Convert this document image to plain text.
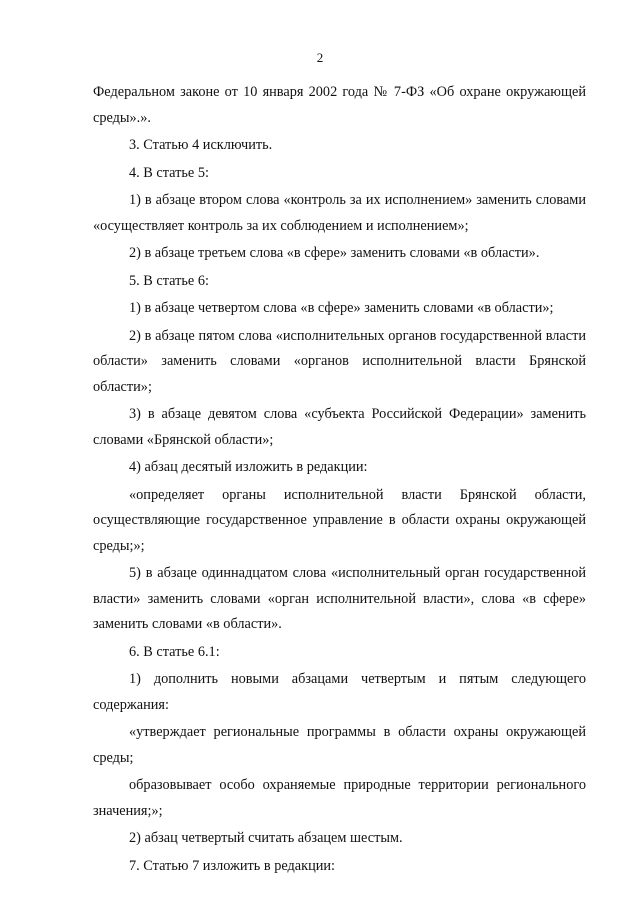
2

Федеральном законе от 10 января 2002 года № 7-ФЗ «Об охране окружающей среды».».

3. Статью 4 исключить.

4. В статье 5:

1) в абзаце втором слова «контроль за их исполнением» заменить словами «осуществляет контроль за их соблюдением и исполнением»;

2) в абзаце третьем слова «в сфере» заменить словами «в области».

5. В статье 6:

1) в абзаце четвертом слова «в сфере» заменить словами «в области»;

2) в абзаце пятом слова «исполнительных органов государственной власти области» заменить словами «органов исполнительной власти Брянской области»;

3) в абзаце девятом слова «субъекта Российской Федерации» заменить словами «Брянской области»;

4) абзац десятый изложить в редакции:

«определяет органы исполнительной власти Брянской области, осуществляющие государственное управление в области охраны окружающей среды;»;

5) в абзаце одиннадцатом слова «исполнительный орган государственной власти» заменить словами «орган исполнительной власти», слова «в сфере» заменить словами «в области».

6. В статье 6.1:

1) дополнить новыми абзацами четвертым и пятым следующего содержания:

«утверждает региональные программы в области охраны окружающей среды;

образовывает особо охраняемые природные территории регионального значения;»;

2) абзац четвертый считать абзацем шестым.

7. Статью 7 изложить в редакции:
